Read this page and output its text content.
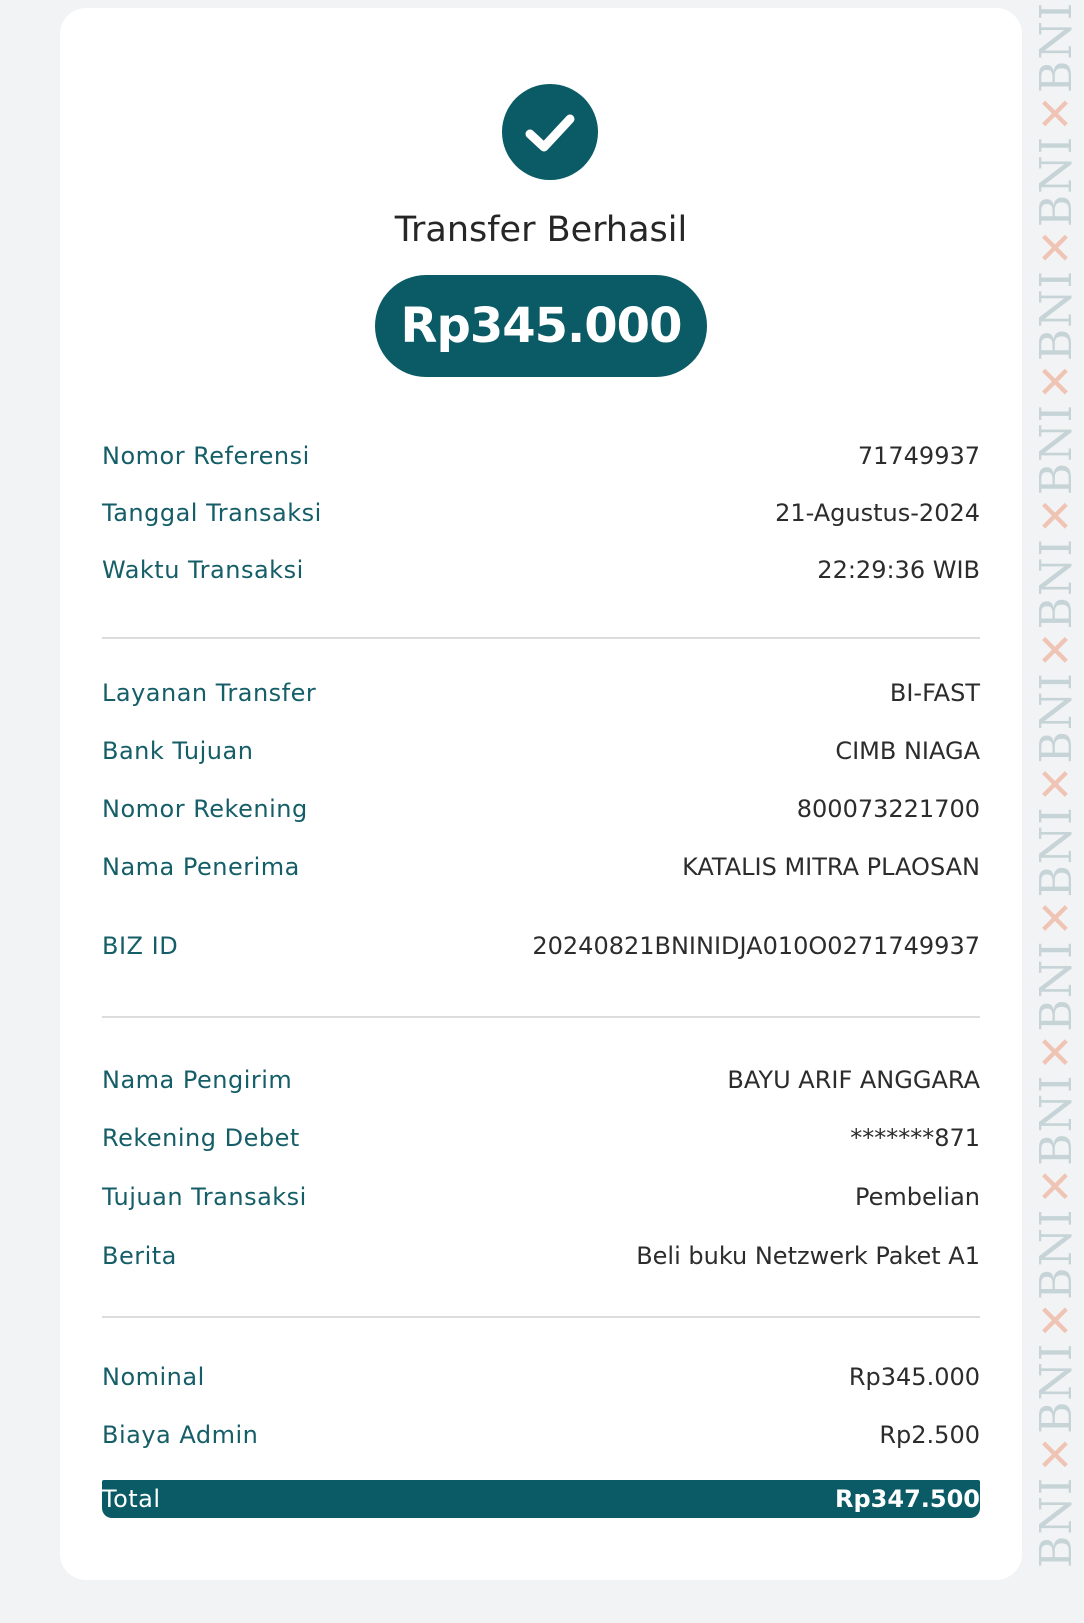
BNI✕BNI✕BNI✕BNI✕BNI✕BNI✕BNI✕BNI✕BNI✕BNI✕BNI✕BNI
Transfer Berhasil
Rp345.000
Nomor Referensi	71749937
Tanggal Transaksi	21-Agustus-2024
Waktu Transaksi	22:29:36 WIB
Layanan Transfer	BI-FAST
Bank Tujuan	CIMB NIAGA
Nomor Rekening	800073221700
Nama Penerima	KATALIS MITRA PLAOSAN
BIZ ID	20240821BNINIDJA010O0271749937
Nama Pengirim	BAYU ARIF ANGGARA
Rekening Debet	*******871
Tujuan Transaksi	Pembelian
Berita	Beli buku Netzwerk Paket A1
Nominal	Rp345.000
Biaya Admin	Rp2.500
Total	Rp347.500
